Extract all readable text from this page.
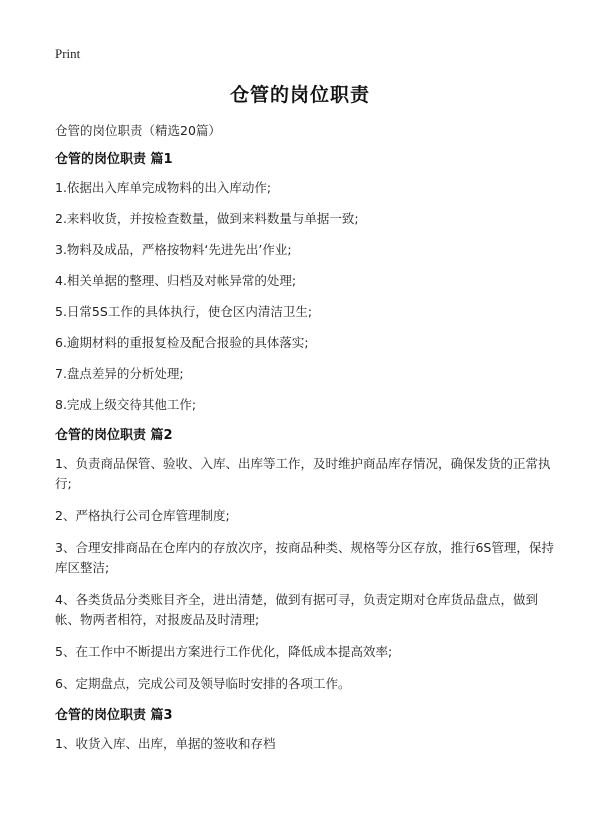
Print
仓管的岗位职责
仓管的岗位职责（精选20篇）
仓管的岗位职责 篇1
1.依据出入库单完成物料的出入库动作;
2.来料收货，并按检查数量，做到来料数量与单据一致;
3.物料及成品，严格按物料‘先进先出’作业;
4.相关单据的整理、归档及对帐异常的处理;
5.日常5S工作的具体执行，使仓区内清洁卫生;
6.逾期材料的重报复检及配合报验的具体落实;
7.盘点差异的分析处理;
8.完成上级交待其他工作;
仓管的岗位职责 篇2
1、负责商品保管、验收、入库、出库等工作，及时维护商品库存情况，确保发货的正常执行;
2、严格执行公司仓库管理制度;
3、合理安排商品在仓库内的存放次序，按商品种类、规格等分区存放，推行6S管理，保持库区整洁;
4、各类货品分类账目齐全，进出清楚，做到有据可寻，负责定期对仓库货品盘点，做到帐、物两者相符，对报废品及时清理;
5、在工作中不断提出方案进行工作优化，降低成本提高效率;
6、定期盘点，完成公司及领导临时安排的各项工作。
仓管的岗位职责 篇3
1、收货入库、出库，单据的签收和存档
